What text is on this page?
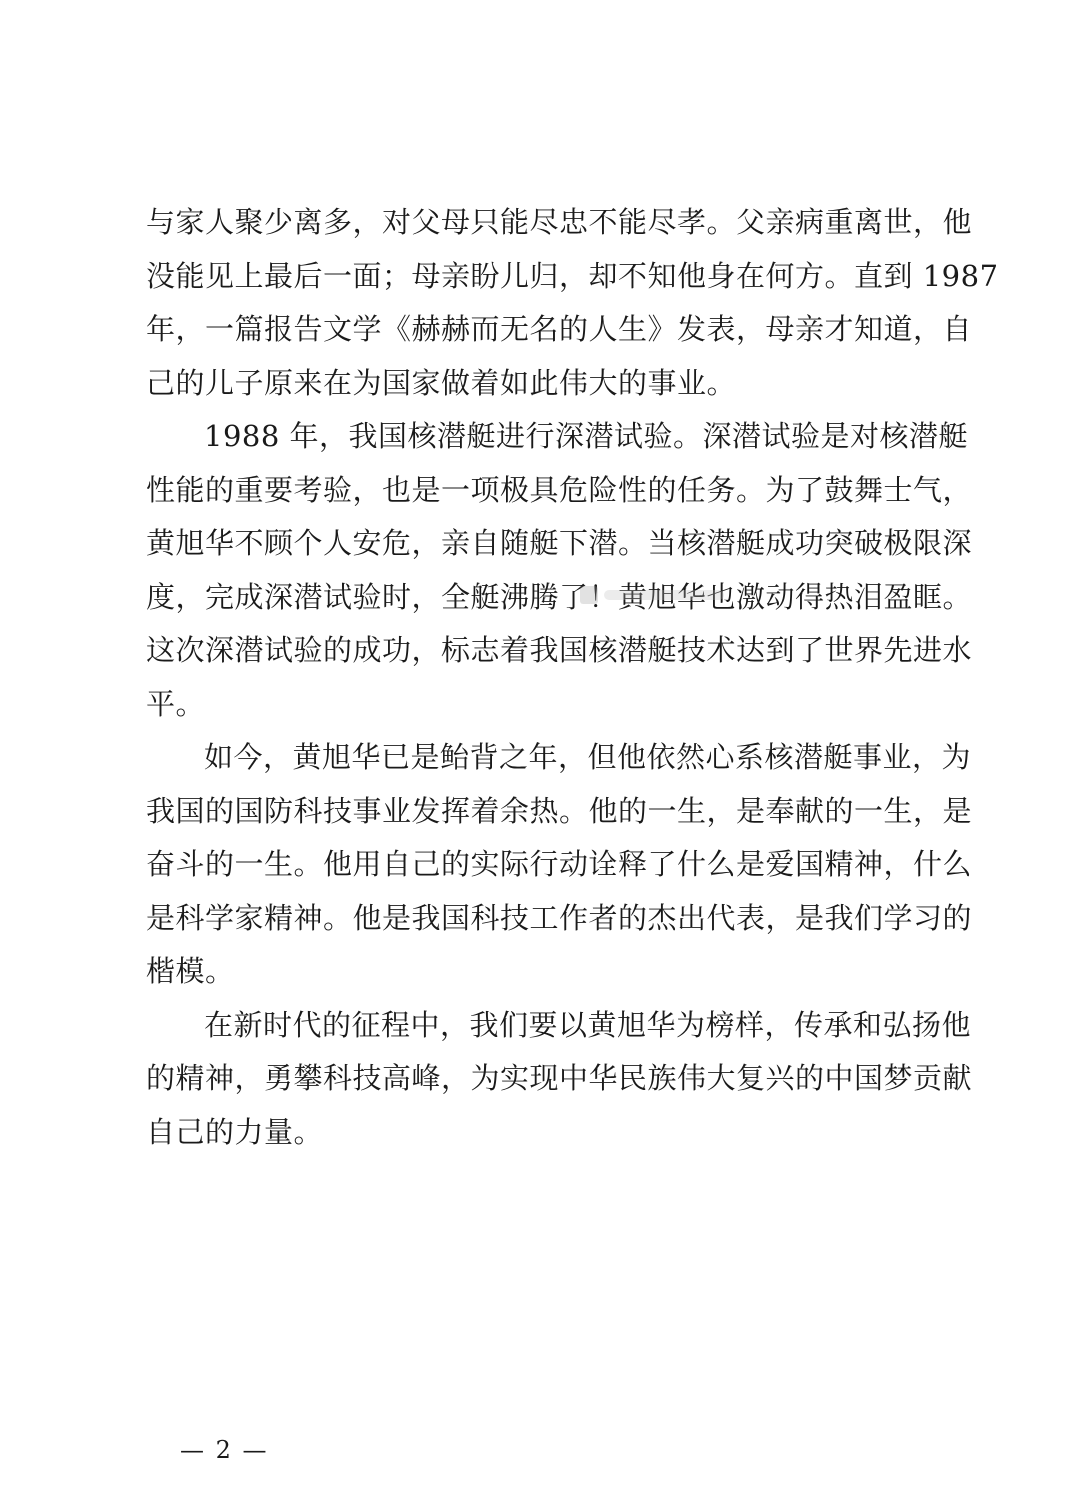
与家人聚少离多，对父母只能尽忠不能尽孝。父亲病重离世，他
没能见上最后一面；母亲盼儿归，却不知他身在何方。直到 1987
年，一篇报告文学《赫赫而无名的人生》发表，母亲才知道，自
己的儿子原来在为国家做着如此伟大的事业。
1988 年，我国核潜艇进行深潜试验。深潜试验是对核潜艇
性能的重要考验，也是一项极具危险性的任务。为了鼓舞士气，
黄旭华不顾个人安危，亲自随艇下潜。当核潜艇成功突破极限深
度，完成深潜试验时，全艇沸腾了！黄旭华也激动得热泪盈眶。
这次深潜试验的成功，标志着我国核潜艇技术达到了世界先进水
平。
如今，黄旭华已是鲐背之年，但他依然心系核潜艇事业，为
我国的国防科技事业发挥着余热。他的一生，是奉献的一生，是
奋斗的一生。他用自己的实际行动诠释了什么是爱国精神，什么
是科学家精神。他是我国科技工作者的杰出代表，是我们学习的
楷模。
在新时代的征程中，我们要以黄旭华为榜样，传承和弘扬他
的精神，勇攀科技高峰，为实现中华民族伟大复兴的中国梦贡献
自己的力量。
— 2 —
